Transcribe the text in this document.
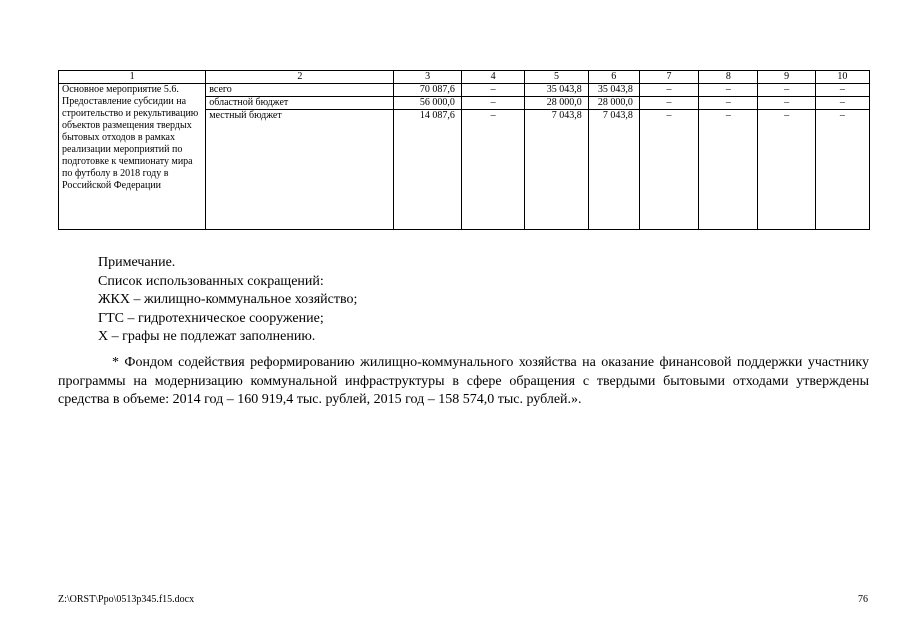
1	2	3	4	5	6	7	8	9	10
Основное мероприятие 5.6. Предоставление субсидии на строительство и рекультивацию объектов размещения твердых бытовых отходов в рамках реализации мероприятий по подготовке к чемпионату мира по футболу в 2018 году в Российской Федерации	всего	70 087,6	–	35 043,8	35 043,8	–	–	–	–
	областной бюджет	56 000,0	–	28 000,0	28 000,0	–	–	–	–
	местный бюджет	14 087,6	–	7 043,8	7 043,8	–	–	–	–
Примечание.
Список использованных сокращений:
ЖКХ – жилищно-коммунальное хозяйство;
ГТС – гидротехническое сооружение;
Х – графы не подлежат заполнению.
* Фондом содействия реформированию жилищно-коммунального хозяйства на оказание финансовой поддержки участнику программы на модернизацию коммунальной инфраструктуры в сфере обращения с твердыми бытовыми отходами утверждены средства в объеме: 2014 год – 160 919,4 тыс. рублей, 2015 год – 158 574,0 тыс. рублей.».
Z:\ORST\Ppo\0513p345.f15.docx	76
